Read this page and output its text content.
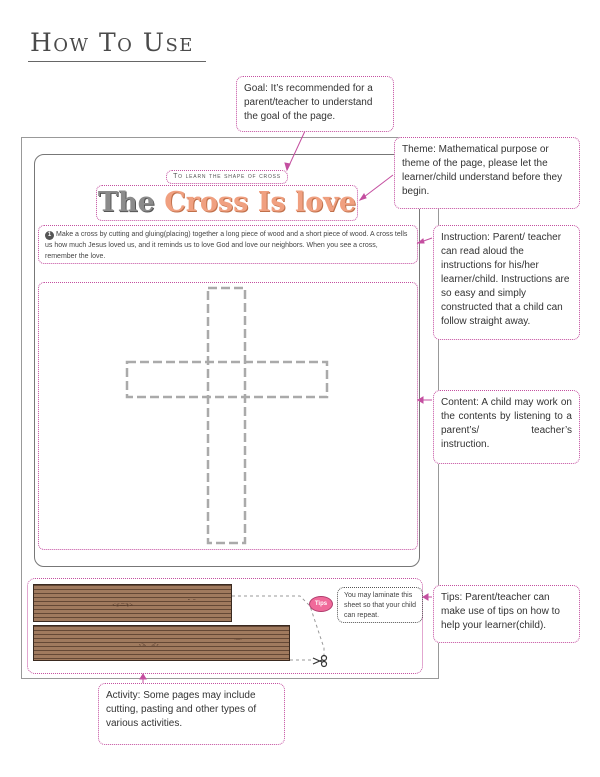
How To Use
To learn the shape of cross
The Cross Is love
1 Make a cross by cutting and gluing(placing) together a long piece of wood and a short piece of wood. A cross tells us how much Jesus loved us, and it reminds us to love God and love our neighbors. When you see a cross, remember the love.
Tips
You may laminate this sheet so that your child can repeat.
Goal: It’s recommended for a parent/teacher to understand the goal of the page.
Theme: Mathematical purpose or theme of the page, please let the learner/child understand before they begin.
Instruction: Parent/ teacher can read aloud the instructions for his/her learner/child. Instructions are so easy and simply constructed that a child can follow straight away.
Content: A child may work on the contents by listening to a parent’s/ teacher’s instruction.
Tips: Parent/teacher can make use of tips on how to help your learner(child).
Activity: Some pages may include cutting, pasting and other types of various activities.
